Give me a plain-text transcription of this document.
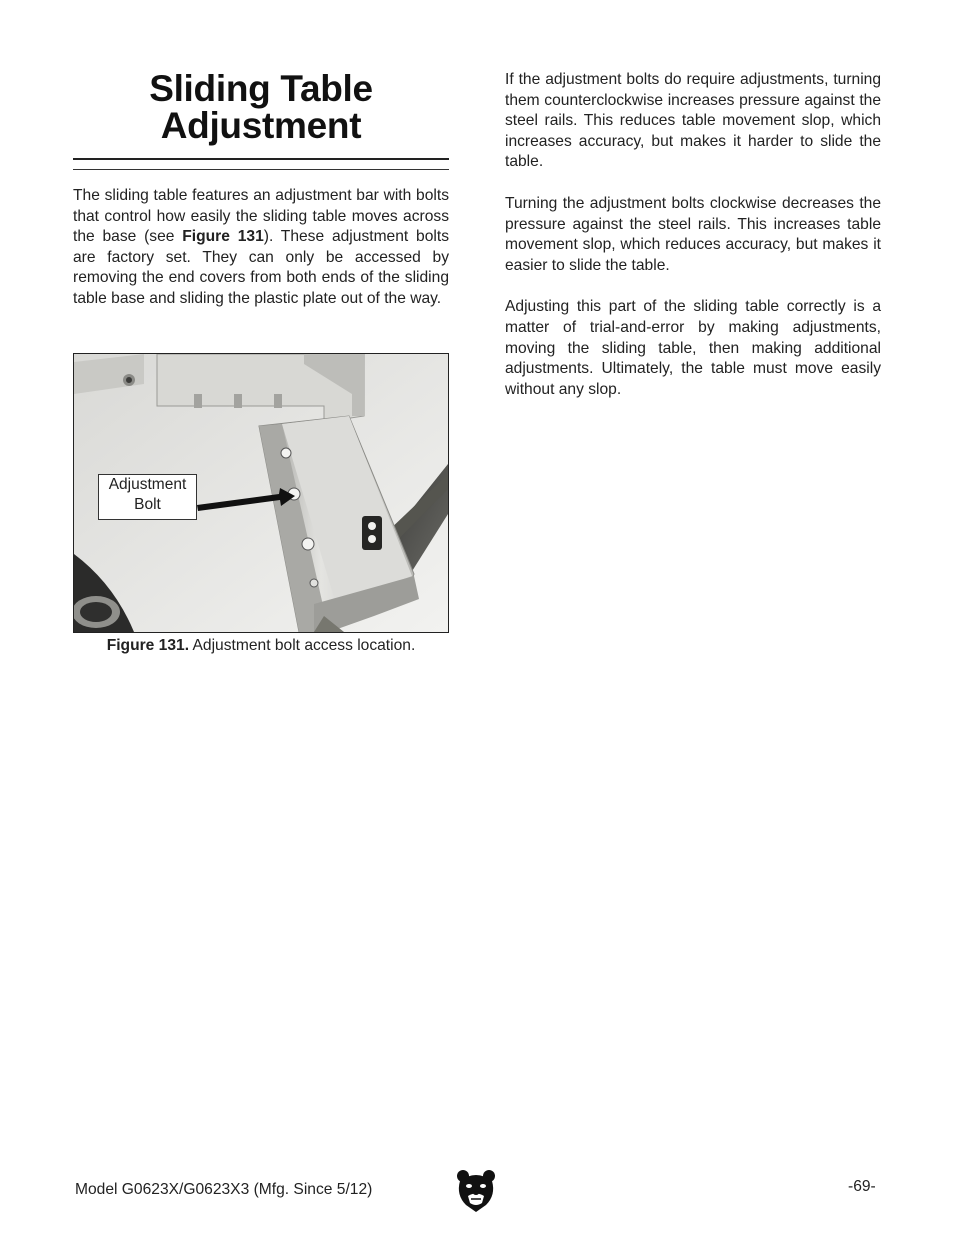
Sliding Table
Adjustment

The sliding table features an adjustment bar with bolts that control how easily the sliding table moves across the base (see Figure 131). These adjustment bolts are factory set. They can only be accessed by removing the end covers from both ends of the sliding table base and sliding the plastic plate out of the way.

Adjustment
Bolt
Figure 131. Adjustment bolt access location.

If the adjustment bolts do require adjustments, turning them counterclockwise increases pressure against the steel rails. This reduces table movement slop, which increases accuracy, but makes it harder to slide the table.

Turning the adjustment bolts clockwise decreases the pressure against the steel rails. This increases table movement slop, which reduces accuracy, but makes it easier to slide the table.

Adjusting this part of the sliding table correctly is a matter of trial-and-error by making adjustments, moving the sliding table, then making additional adjustments. Ultimately, the table must move easily without any slop.

Model G0623X/G0623X3 (Mfg. Since 5/12)	-69-
